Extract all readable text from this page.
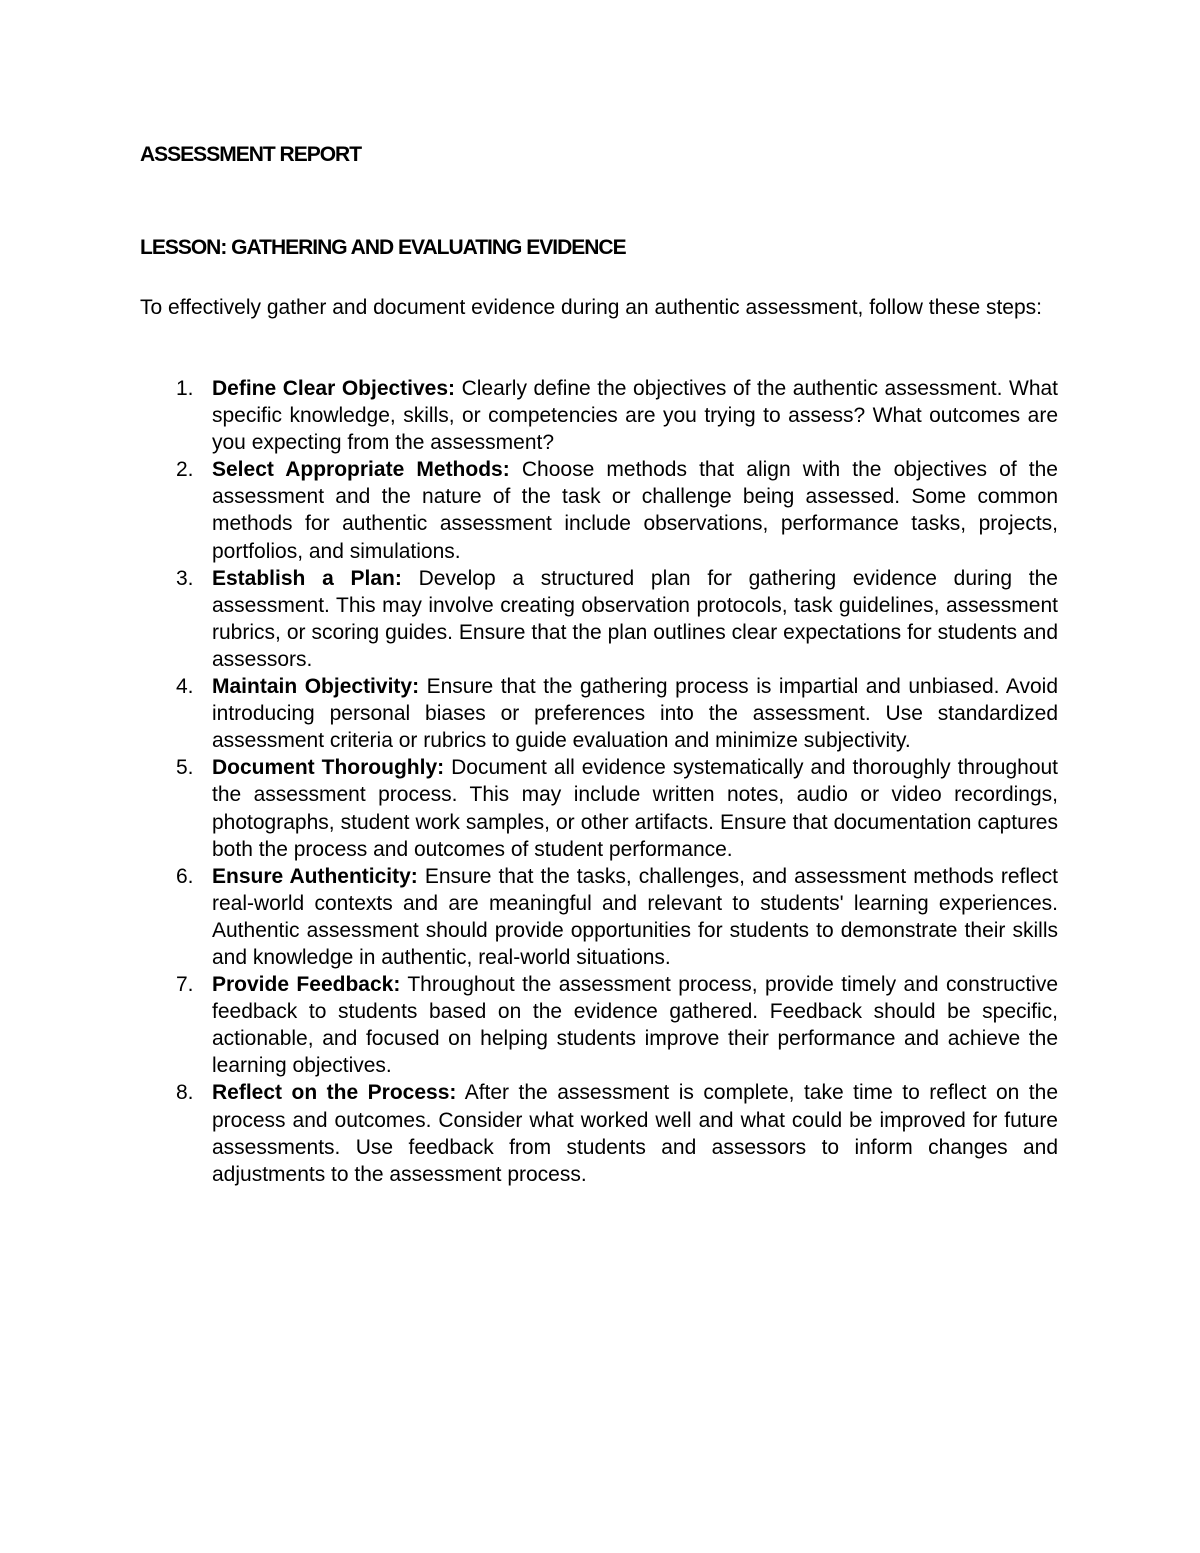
ASSESSMENT REPORT
LESSON: GATHERING AND EVALUATING EVIDENCE

To effectively gather and document evidence during an authentic assessment, follow these steps:

1. Define Clear Objectives: Clearly define the objectives of the authentic assessment. What specific knowledge, skills, or competencies are you trying to assess? What outcomes are you expecting from the assessment?
2. Select Appropriate Methods: Choose methods that align with the objectives of the assessment and the nature of the task or challenge being assessed. Some common methods for authentic assessment include observations, performance tasks, projects, portfolios, and simulations.
3. Establish a Plan: Develop a structured plan for gathering evidence during the assessment. This may involve creating observation protocols, task guidelines, assessment rubrics, or scoring guides. Ensure that the plan outlines clear expectations for students and assessors.
4. Maintain Objectivity: Ensure that the gathering process is impartial and unbiased. Avoid introducing personal biases or preferences into the assessment. Use standardized assessment criteria or rubrics to guide evaluation and minimize subjectivity.
5. Document Thoroughly: Document all evidence systematically and thoroughly throughout the assessment process. This may include written notes, audio or video recordings, photographs, student work samples, or other artifacts. Ensure that documentation captures both the process and outcomes of student performance.
6. Ensure Authenticity: Ensure that the tasks, challenges, and assessment methods reflect real-world contexts and are meaningful and relevant to students' learning experiences. Authentic assessment should provide opportunities for students to demonstrate their skills and knowledge in authentic, real-world situations.
7. Provide Feedback: Throughout the assessment process, provide timely and constructive feedback to students based on the evidence gathered. Feedback should be specific, actionable, and focused on helping students improve their performance and achieve the learning objectives.
8. Reflect on the Process: After the assessment is complete, take time to reflect on the process and outcomes. Consider what worked well and what could be improved for future assessments. Use feedback from students and assessors to inform changes and adjustments to the assessment process.
